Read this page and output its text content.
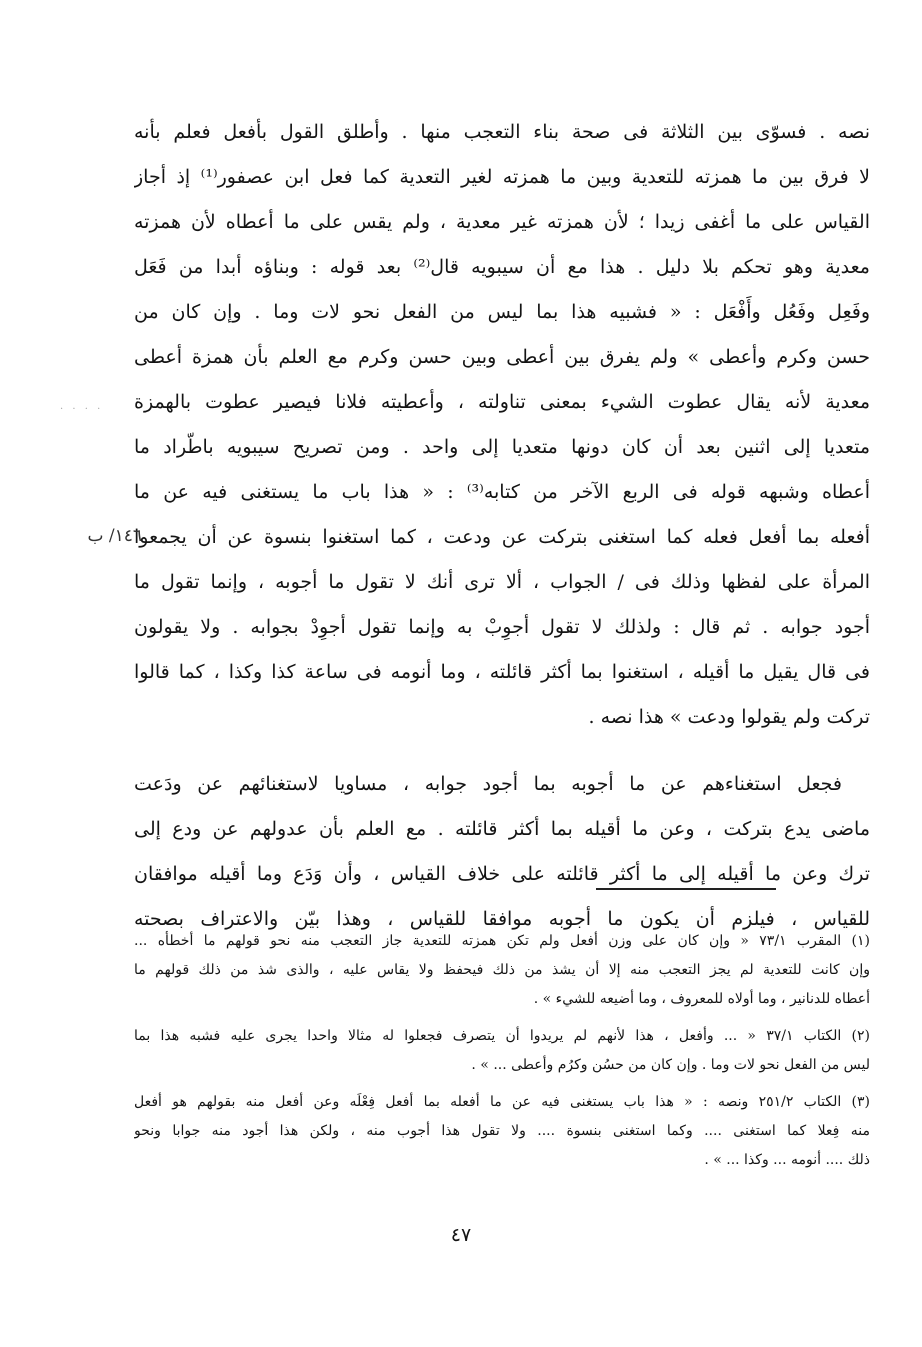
نصه . فسوّى بين الثلاثة فى صحة بناء التعجب منها . وأطلق القول بأفعل فعلم بأنه
لا فرق بين ما همزته للتعدية وبين ما همزته لغير التعدية كما فعل ابن عصفور⁽¹⁾ إذ أجاز
القياس على ما أغفى زيدا ؛ لأن همزته غير معدية ، ولم يقس على ما أعطاه لأن همزته
معدية وهو تحكم بلا دليل . هذا مع أن سيبويه قال⁽²⁾ بعد قوله : وبناؤه أبدا من فَعَل
وفَعِل وفَعُل وأَفْعَل : « فشبيه هذا بما ليس من الفعل نحو لات وما . وإن كان من
حسن وكرم وأعطى » ولم يفرق بين أعطى وبين حسن وكرم مع العلم بأن همزة أعطى
معدية لأنه يقال عطوت الشيء بمعنى تناولته ، وأعطيته فلانا فيصير عطوت بالهمزة
متعديا إلى اثنين بعد أن كان دونها متعديا إلى واحد . ومن تصريح سيبويه باطّراد ما
أعطاه وشبهه قوله فى الربع الآخر من كتابه⁽³⁾ : « هذا باب ما يستغنى فيه عن ما
أفعله بما أفعل فعله كما استغنى بتركت عن ودعت ، كما استغنوا بنسوة عن أن يجمعوا
المرأة على لفظها وذلك فى / الجواب ، ألا ترى أنك لا تقول ما أجوبه ، وإنما تقول ما
أجود جوابه . ثم قال : ولذلك لا تقول أجوِبْ به وإنما تقول أجوِدْ بجوابه . ولا يقولون
فى قال يقيل ما أقيله ، استغنوا بما أكثر قائلته ، وما أنومه فى ساعة كذا وكذا ، كما قالوا
تركت ولم يقولوا ودعت » هذا نصه .
فجعل استغناءهم عن ما أجوبه بما أجود جوابه ، مساويا لاستغنائهم عن ودَعت
ماضى يدع بتركت ، وعن ما أقيله بما أكثر قائلته . مع العلم بأن عدولهم عن ودع إلى
ترك وعن ما أقيله إلى ما أكثر قائلته على خلاف القياس ، وأن وَدَع وما أقيله موافقان
للقياس ، فيلزم أن يكون ما أجوبه موافقا للقياس ، وهذا بيّن والاعتراف بصحته
· · · ·
١٤٦/ ب
(١) المقرب ٧٣/١ « وإن كان على وزن أفعل ولم تكن همزته للتعدية جاز التعجب منه نحو قولهم ما أخطأه ...
وإن كانت للتعدية لم يجز التعجب منه إلا أن يشذ من ذلك فيحفظ ولا يقاس عليه ، والذى شذ من ذلك قولهم ما
أعطاه للدنانير ، وما أولاه للمعروف ، وما أضيعه للشيء » .
(٢) الكتاب ٣٧/١ « ... وأفعل ، هذا لأنهم لم يريدوا أن يتصرف فجعلوا له مثالا واحدا يجرى عليه فشبه هذا بما
ليس من الفعل نحو لات وما . وإن كان من حسُن وكرُم وأعطى ... » .
(٣) الكتاب ٢٥١/٢ ونصه : « هذا باب يستغنى فيه عن ما أفعله بما أفعل فِعْلَه وعن أفعل منه بقولهم هو أفعل
منه فِعلا كما استغنى .... وكما استغنى بنسوة .... ولا تقول هذا أجوب منه ، ولكن هذا أجود منه جوابا ونحو
ذلك .... أنومه ... وكذا ... » .
٤٧
